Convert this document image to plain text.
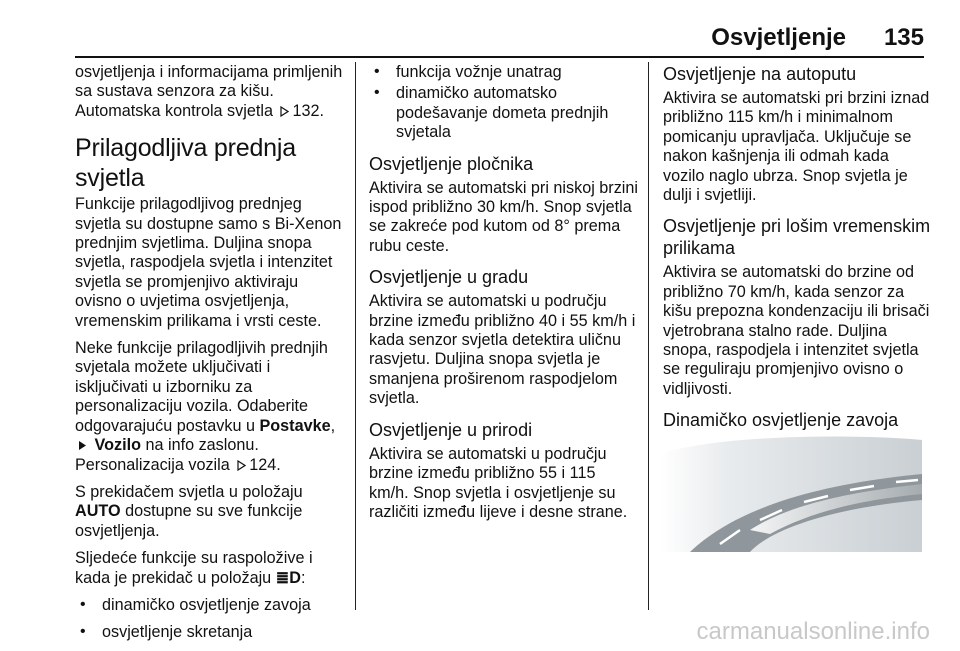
Osvjetljenje 135

osvjetljenja i informacijama primljenih sa sustava senzora za kišu.
Automatska kontrola svjetla 132.

Prilagodljiva prednja svjetla

Funkcije prilagodljivog prednjeg svjetla su dostupne samo s Bi-Xenon prednjim svjetlima. Duljina snopa svjetla, raspodjela svjetla i intenzitet svjetla se promjenjivo aktiviraju ovisno o uvjetima osvjetljenja, vremenskim prilikama i vrsti ceste.

Neke funkcije prilagodljivih prednjih svjetala možete uključivati i isključivati u izborniku za personalizaciju vozila. Odaberite odgovarajuću postavku u Postavke,  Vozilo na info zaslonu.
Personalizacija vozila 124.

S prekidačem svjetla u položaju
AUTO dostupne su sve funkcije osvjetljenja.

Sljedeće funkcije su raspoložive i kada je prekidač u položaju ≣D:

• dinamičko osvjetljenje zavoja
• osvjetljenje skretanja
• funkcija vožnje unatrag
• dinamičko automatsko podešavanje dometa prednjih svjetala
Osvjetljenje pločnika

Aktivira se automatski pri niskoj brzini ispod približno 30 km/h. Snop svjetla se zakreće pod kutom od 8° prema rubu ceste.

Osvjetljenje u gradu

Aktivira se automatski u području brzine između približno 40 i 55 km/h i kada senzor svjetla detektira uličnu rasvjetu. Duljina snopa svjetla je smanjena proširenom raspodjelom svjetla.

Osvjetljenje u prirodi

Aktivira se automatski u području brzine između približno 55 i 115 km/h. Snop svjetla i osvjetljenje su različiti između lijeve i desne strane.

Osvjetljenje na autoputu

Aktivira se automatski pri brzini iznad približno 115 km/h i minimalnom pomicanju upravljača. Uključuje se nakon kašnjenja ili odmah kada vozilo naglo ubrza. Snop svjetla je dulji i svjetliji.

Osvjetljenje pri lošim vremenskim prilikama

Aktivira se automatski do brzine od približno 70 km/h, kada senzor za kišu prepozna kondenzaciju ili brisači vjetrobrana stalno rade. Duljina snopa, raspodjela i intenzitet svjetla se reguliraju promjenjivo ovisno o vidljivosti.

Dinamičko osvjetljenje zavoja
carmanualsonline.info
